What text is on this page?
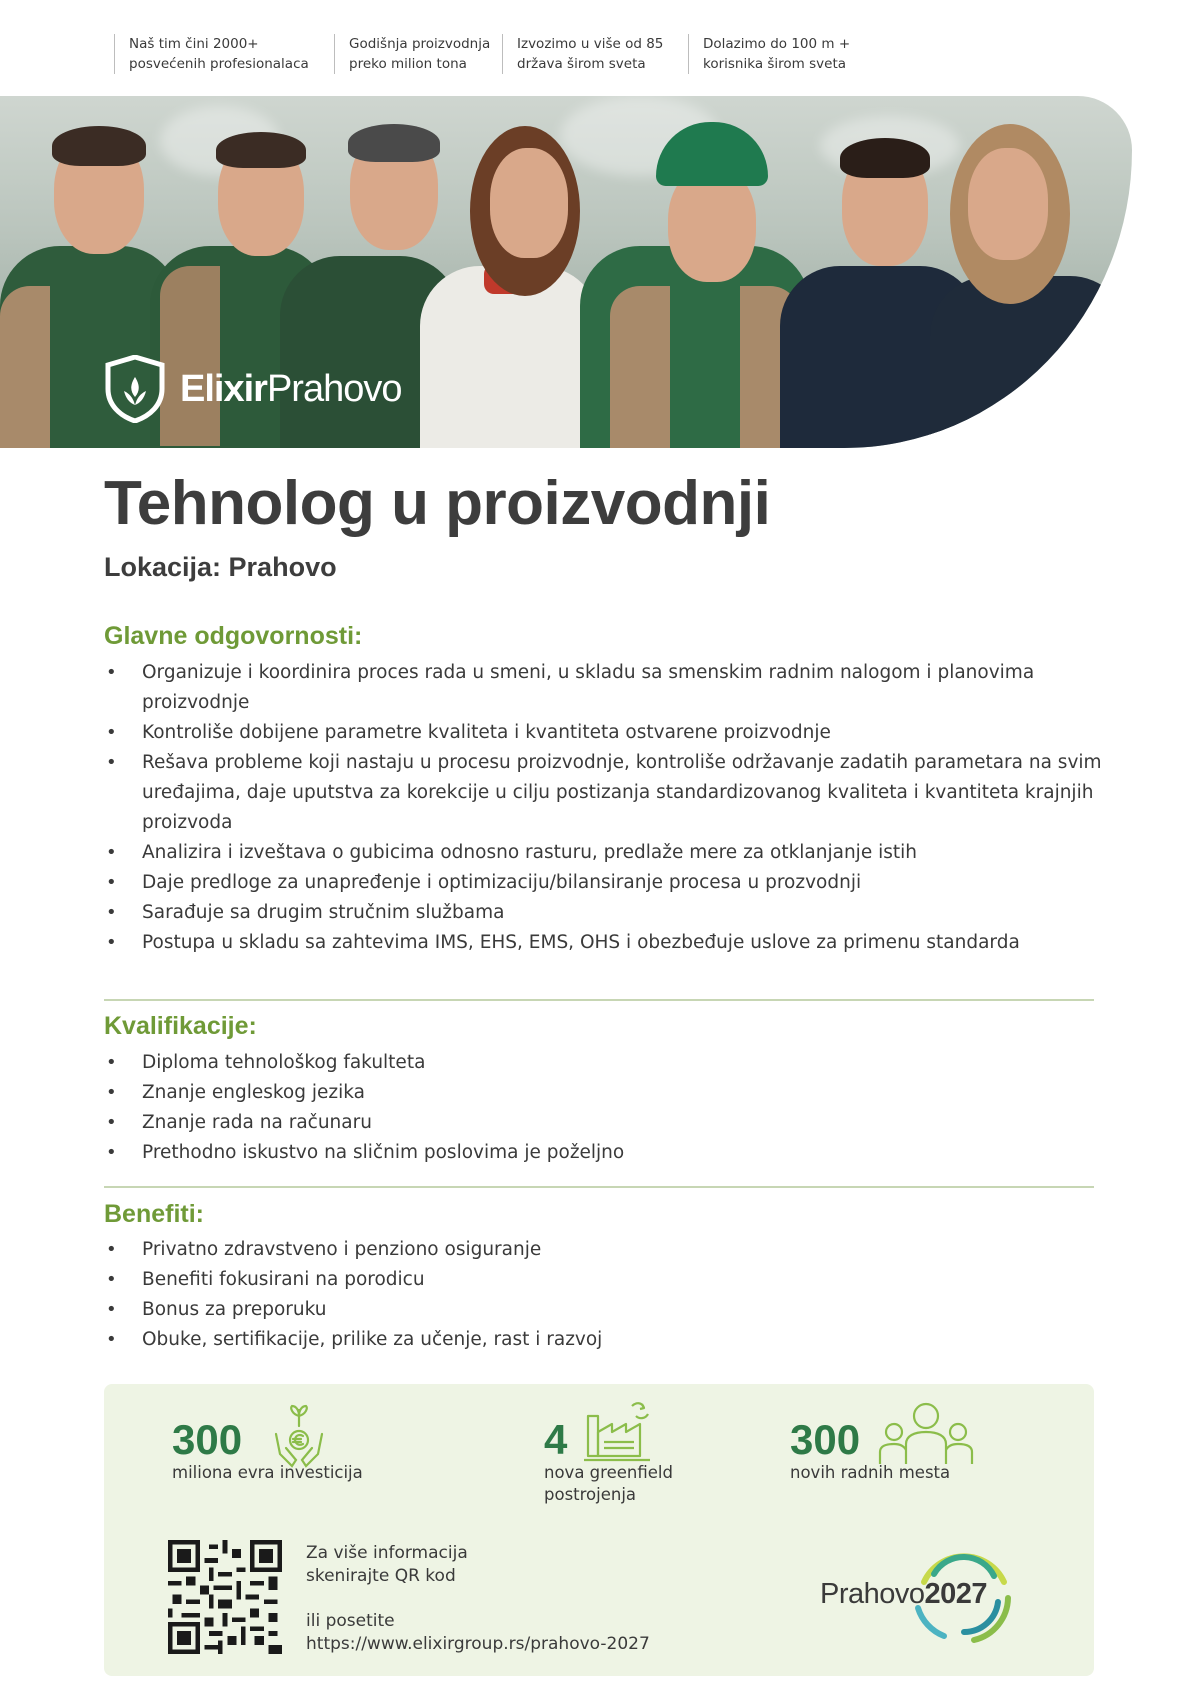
Naš tim čini 2000+
posvećenih profesionalaca
Godišnja proizvodnja
preko milion tona
Izvozimo u više od 85
država širom sveta
Dolazimo do 100 m +
korisnika širom sveta
ElixirPrahovo
Tehnolog u proizvodnji
Lokacija: Prahovo
Glavne odgovornosti:
• Organizuje i koordinira proces rada u smeni, u skladu sa smenskim radnim nalogom i planovima proizvodnje
• Kontroliše dobijene parametre kvaliteta i kvantiteta ostvarene proizvodnje
• Rešava probleme koji nastaju u procesu proizvodnje, kontroliše održavanje zadatih parametara na svim uređajima, daje uputstva za korekcije u cilju postizanja standardizovanog kvaliteta i kvantiteta krajnjih proizvoda
• Analizira i izveštava o gubicima odnosno rasturu, predlaže mere za otklanjanje istih
• Daje predloge za unapređenje i optimizaciju/bilansiranje procesa u prozvodnji
• Sarađuje sa drugim stručnim službama
• Postupa u skladu sa zahtevima IMS, EHS, EMS, OHS i obezbeđuje uslove za primenu standarda
Kvalifikacije:
• Diploma tehnološkog fakulteta
• Znanje engleskog jezika
• Znanje rada na računaru
• Prethodno iskustvo na sličnim poslovima je poželjno
Benefiti:
• Privatno zdravstveno i penziono osiguranje
• Benefiti fokusirani na porodicu
• Bonus za preporuku
• Obuke, sertifikacije, prilike za učenje, rast i razvoj
300
miliona evra investicija
4
nova greenfield
postrojenja
300
novih radnih mesta
Za više informacija
skenirajte QR kod
ili posetite
https://www.elixirgroup.rs/prahovo-2027
Prahovo2027
